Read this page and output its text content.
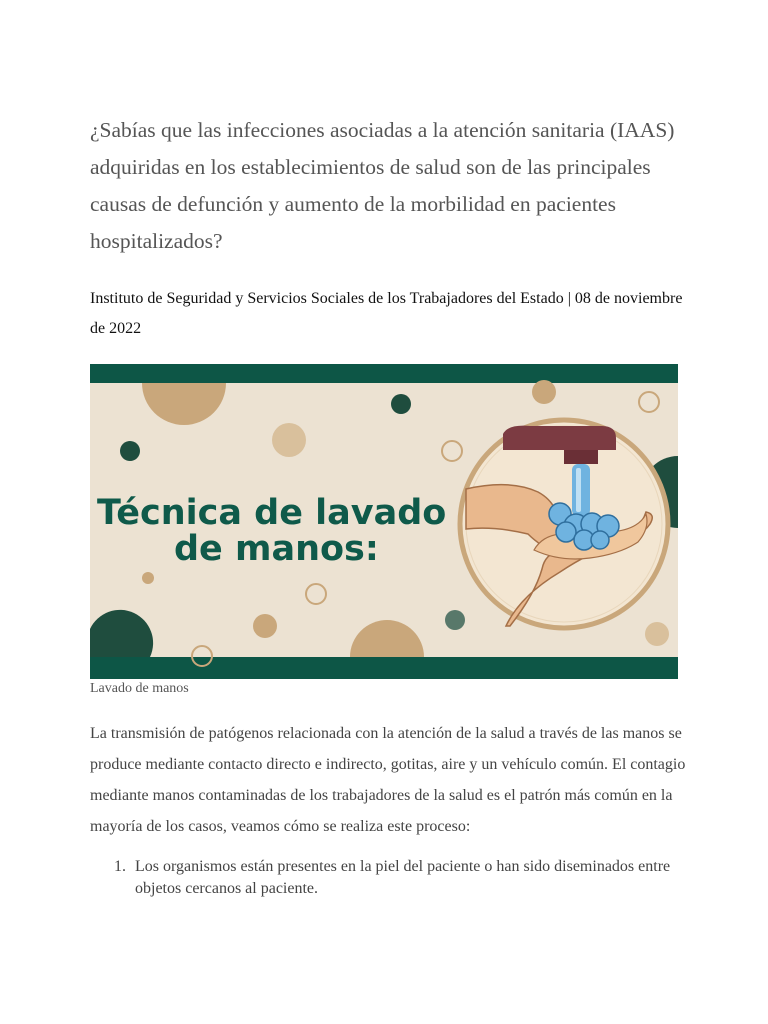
¿Sabías que las infecciones asociadas a la atención sanitaria (IAAS) adquiridas en los establecimientos de salud son de las principales causas de defunción y aumento de la morbilidad en pacientes hospitalizados?

Instituto de Seguridad y Servicios Sociales de los Trabajadores del Estado | 08 de noviembre de 2022

Técnica de lavado
de manos:
Lavado de manos

La transmisión de patógenos relacionada con la atención de la salud a través de las manos se produce mediante contacto directo e indirecto, gotitas, aire y un vehículo común. El contagio mediante manos contaminadas de los trabajadores de la salud es el patrón más común en la mayoría de los casos, veamos cómo se realiza este proceso:

1. Los organismos están presentes en la piel del paciente o han sido diseminados entre objetos cercanos al paciente.
